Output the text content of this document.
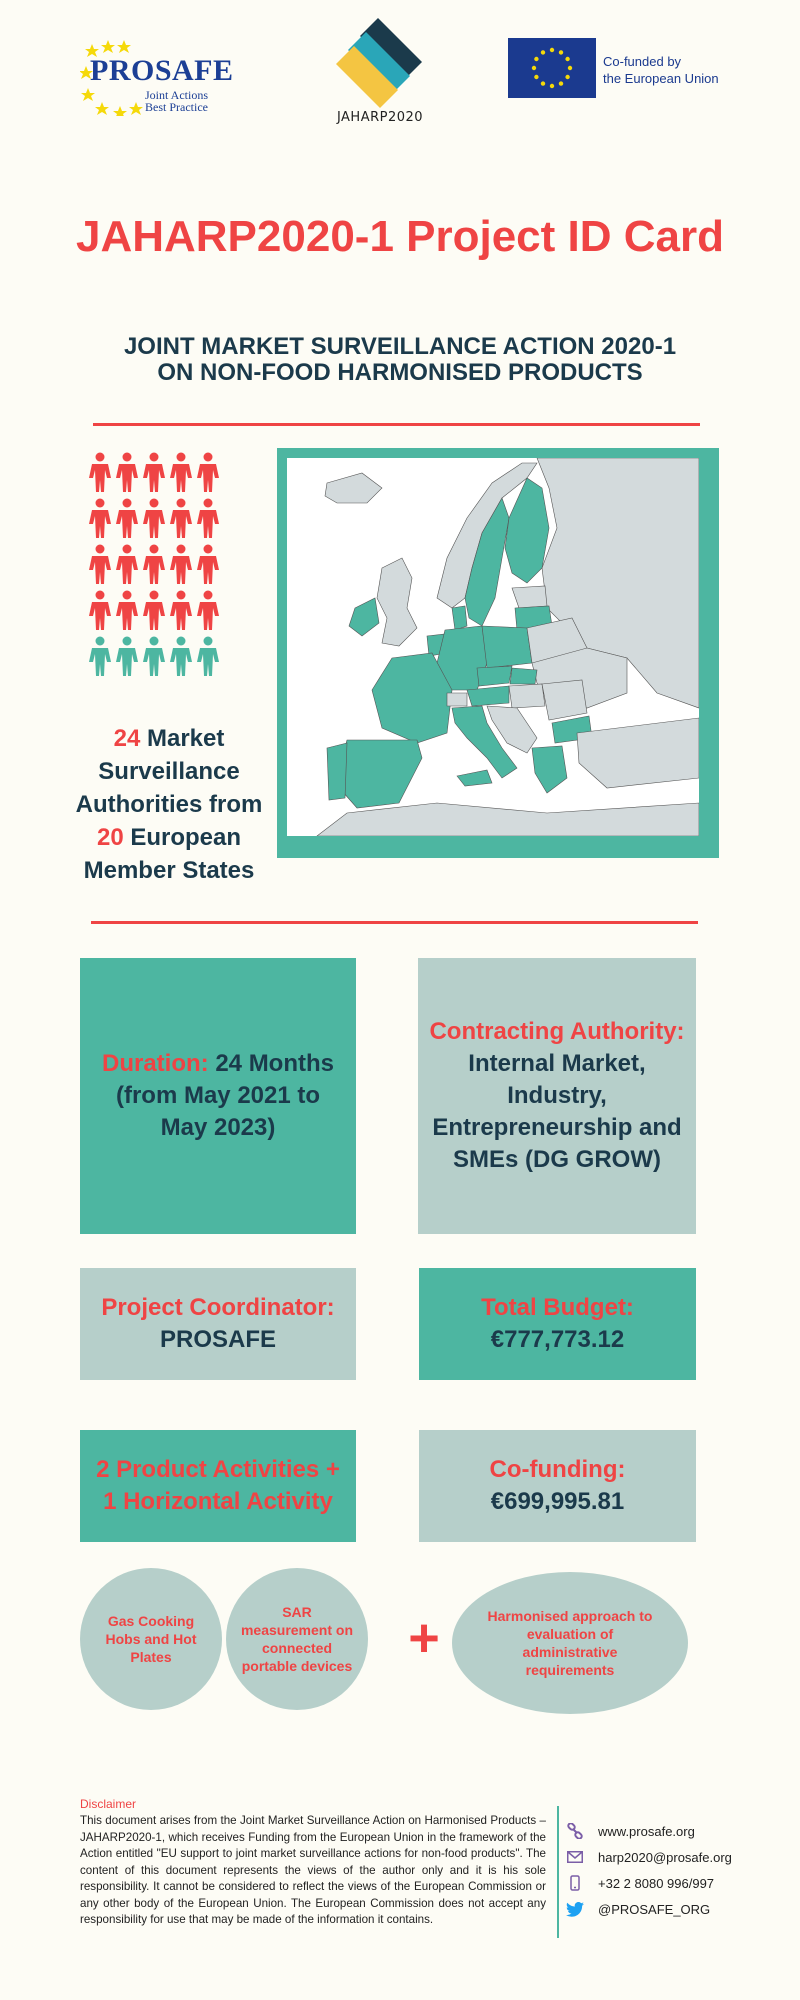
PROSAFE
Joint Actions
Best Practice
JAHARP2020
Co-funded by
the European Union
JAHARP2020-1 Project ID Card
JOINT MARKET SURVEILLANCE ACTION 2020-1
ON NON-FOOD HARMONISED PRODUCTS
24 Market Surveillance Authorities from 20 European Member States
Duration: 24 Months (from May 2021 to May 2023)
Contracting Authority:
Internal Market, Industry, Entrepreneurship and SMEs (DG GROW)
Project Coordinator:
PROSAFE
Total Budget:
€777,773.12
2 Product Activities + 1 Horizontal Activity
Co-funding:
€699,995.81
Gas Cooking Hobs and Hot Plates
SAR measurement on connected portable devices +	Harmonised approach to evaluation of administrative requirements
Disclaimer
This document arises from the Joint Market Surveillance Action on Harmonised Products – JAHARP2020-1, which receives Funding from the European Union in the framework of the Action entitled "EU support to joint market surveillance actions for non-food products". The content of this document represents the views of the author only and it is his sole responsibility. It cannot be considered to reflect the views of the European Commission or any other body of the European Union. The European Commission does not accept any responsibility for use that may be made of the information it contains.
www.prosafe.org
harp2020@prosafe.org
+32 2 8080 996/997
@PROSAFE_ORG
